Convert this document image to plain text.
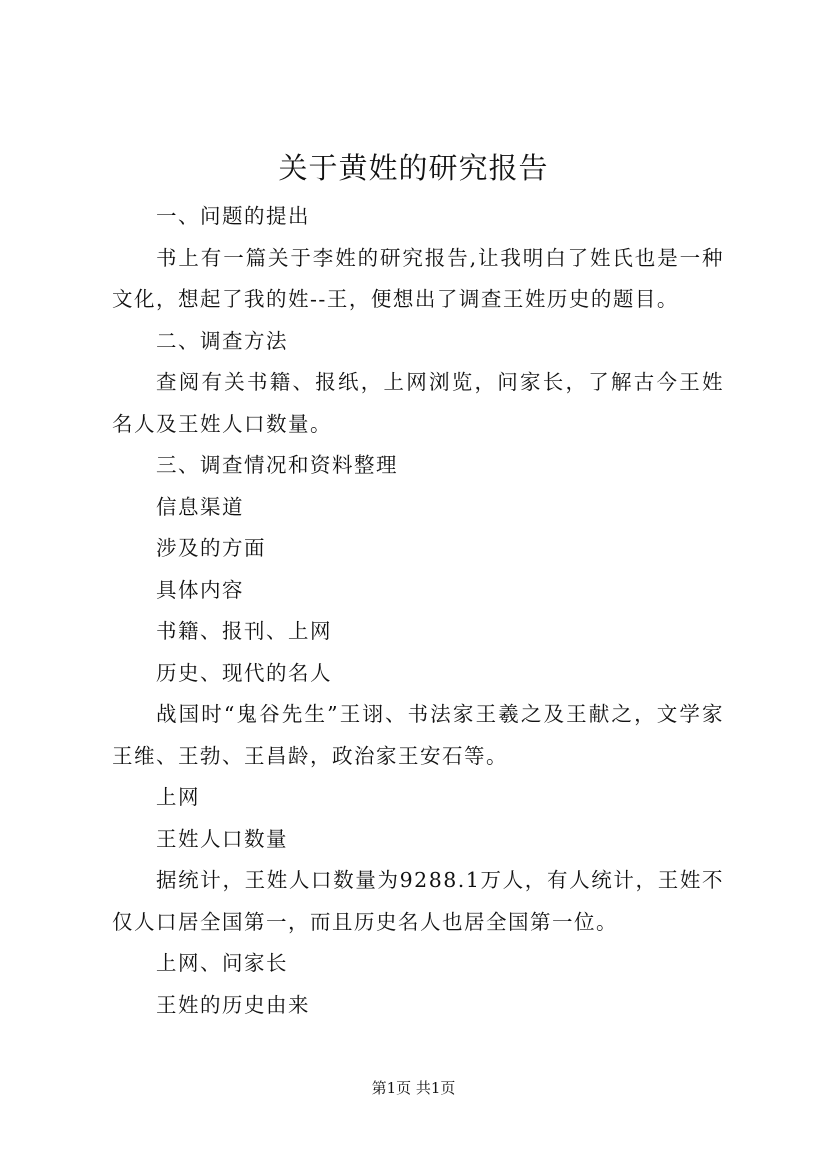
关于黄姓的研究报告

一、问题的提出

书上有一篇关于李姓的研究报告,让我明白了姓氏也是一种文化，想起了我的姓--王，便想出了调查王姓历史的题目。

二、调查方法

查阅有关书籍、报纸，上网浏览，问家长，了解古今王姓名人及王姓人口数量。

三、调查情况和资料整理

信息渠道

涉及的方面

具体内容

书籍、报刊、上网

历史、现代的名人

战国时“鬼谷先生”王诩、书法家王羲之及王献之，文学家王维、王勃、王昌龄，政治家王安石等。

上网

王姓人口数量

据统计，王姓人口数量为9288.1万人，有人统计，王姓不仅人口居全国第一，而且历史名人也居全国第一位。

上网、问家长

王姓的历史由来

第1页 共1页
